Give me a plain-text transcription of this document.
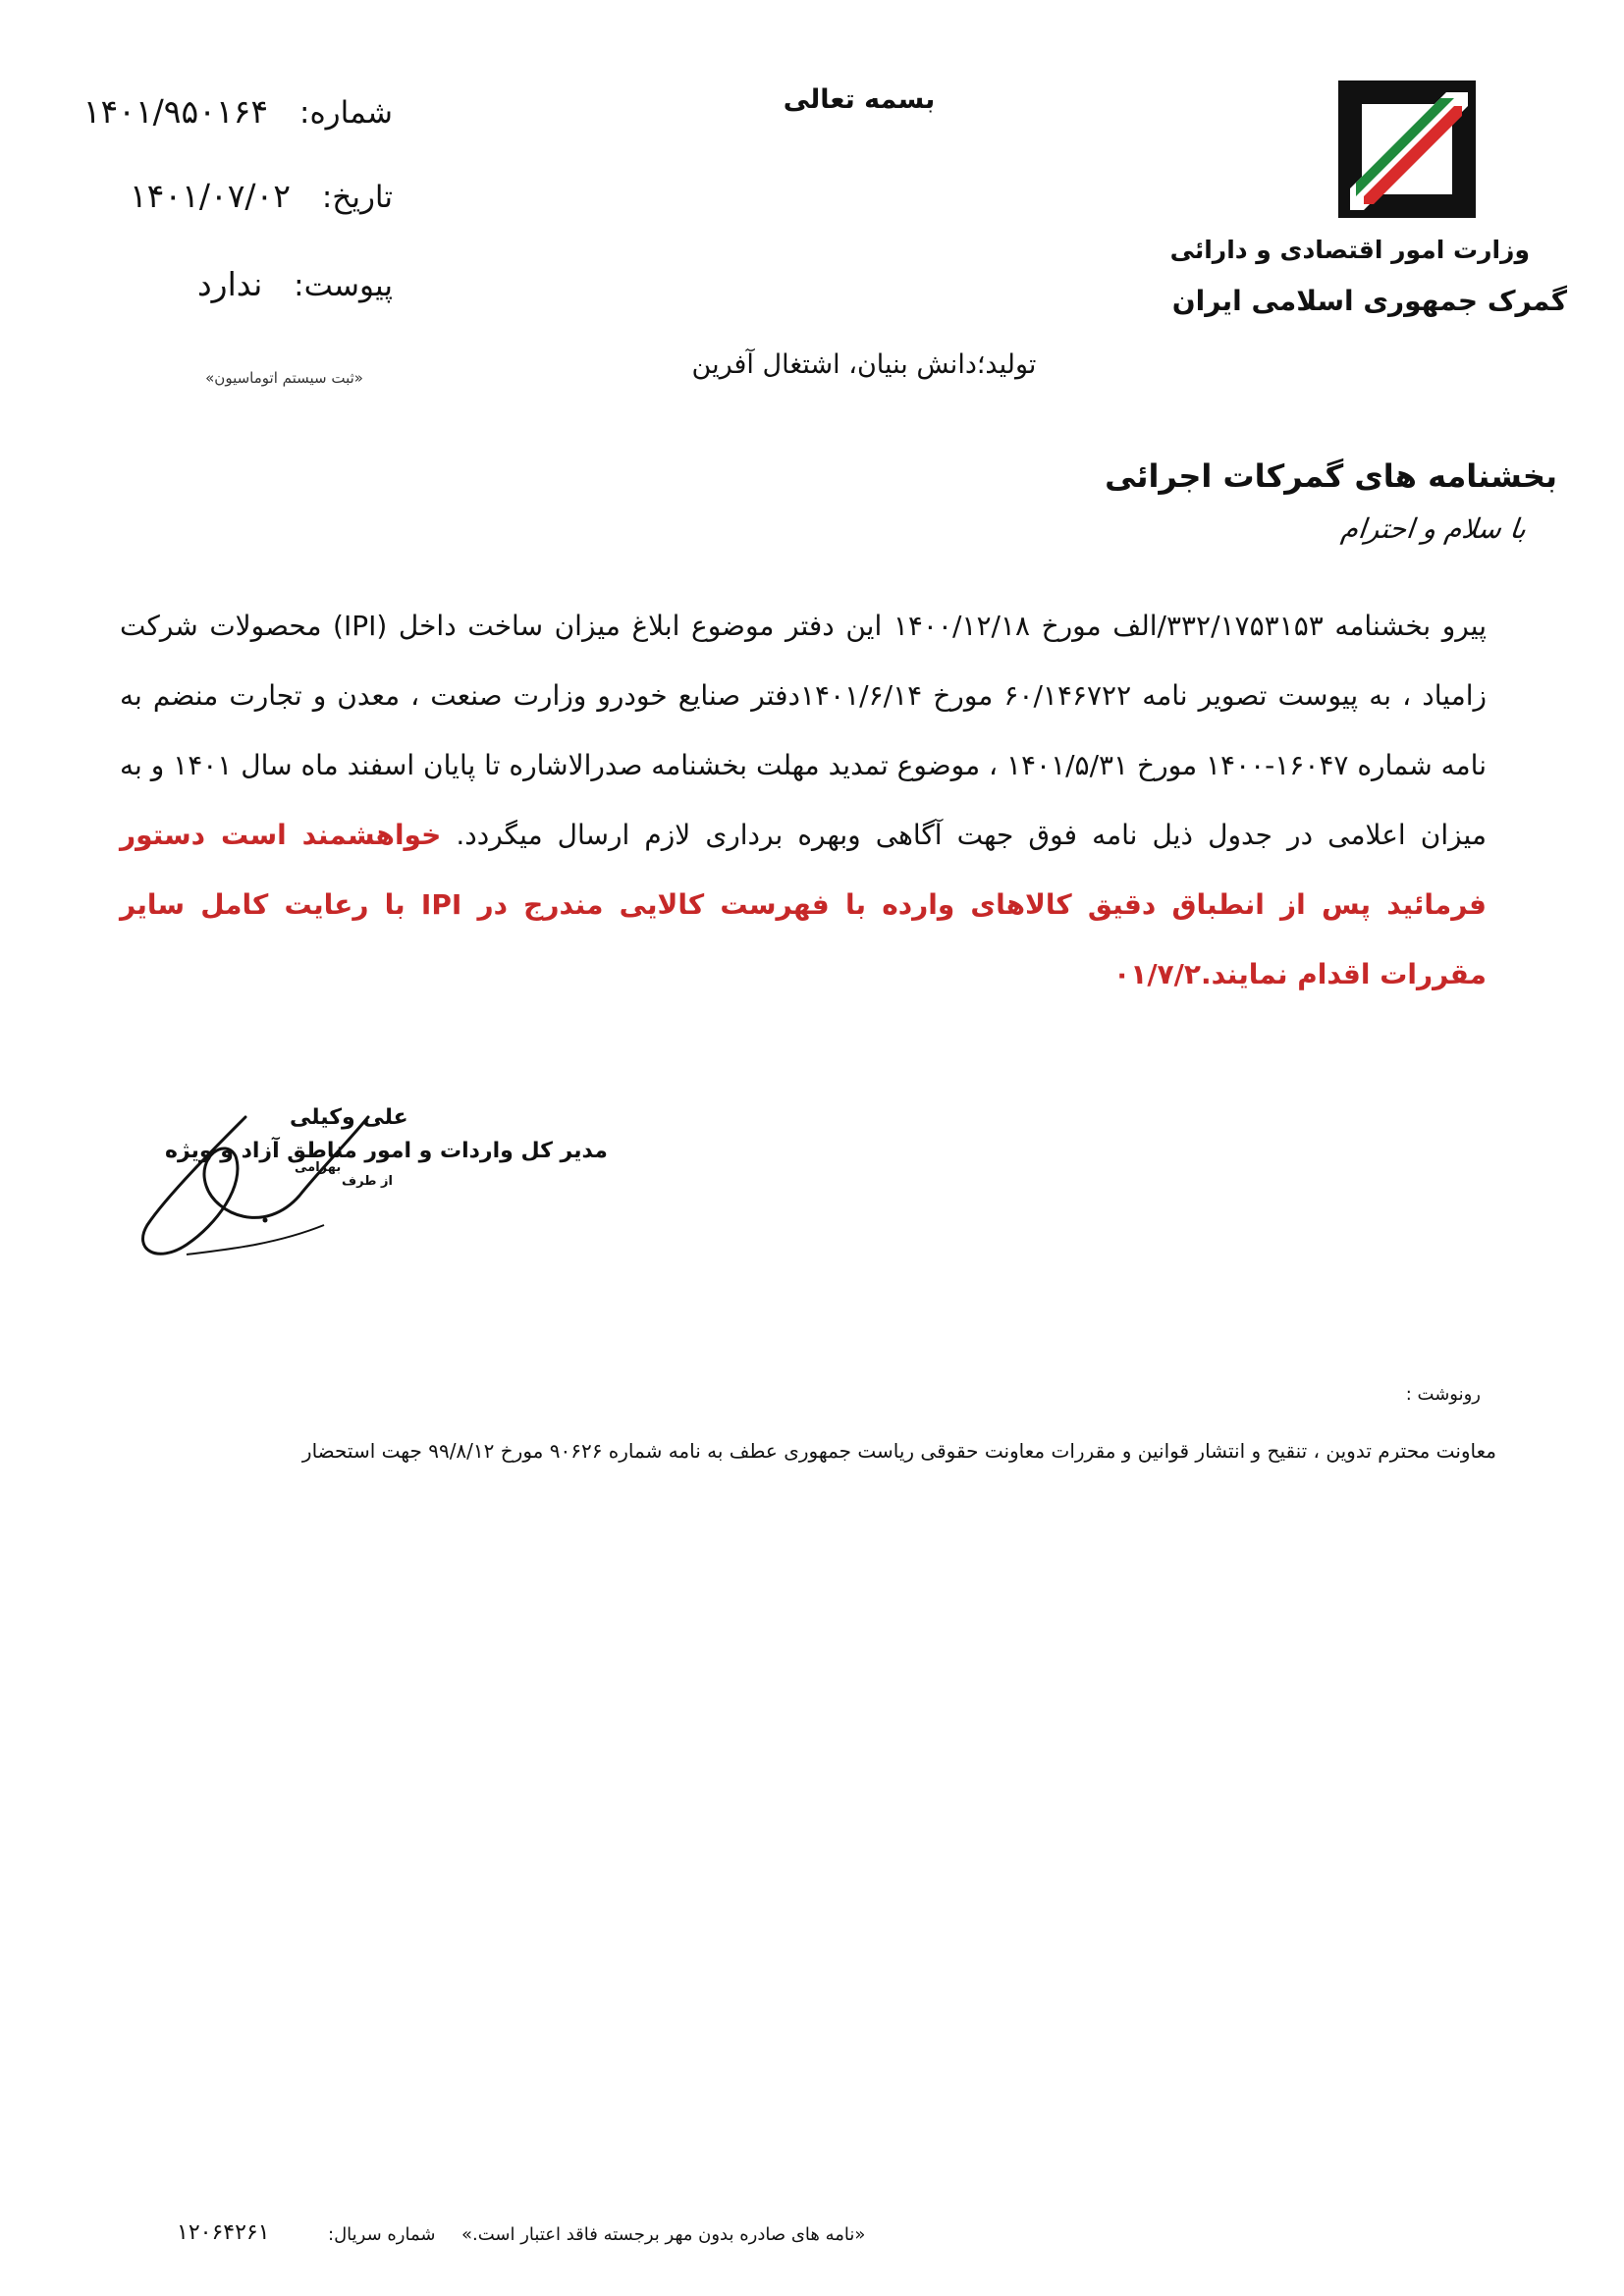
بسمه تعالی
وزارت امور اقتصادی و دارائی
گمرک جمهوری اسلامی ایران
شماره: ۱۴۰۱/۹۵۰۱۶۴
تاریخ: ۱۴۰۱/۰۷/۰۲
پیوست: ندارد
«ثبت سیستم اتوماسیون»	تولید؛دانش بنیان، اشتغال آفرین
بخشنامه های گمرکات اجرائی
با سلام و احترام
پیرو بخشنامه ۳۳۲/۱۷۵۳۱۵۳/الف مورخ ۱۴۰۰/۱۲/۱۸ این دفتر موضوع ابلاغ میزان ساخت داخل (IPI) محصولات شرکت زامیاد ، به پیوست تصویر نامه ۶۰/۱۴۶۷۲۲ مورخ ۱۴۰۱/۶/۱۴دفتر صنایع خودرو وزارت صنعت ، معدن و تجارت منضم به نامه شماره ۱۶۰۴۷-۱۴۰۰ مورخ ۱۴۰۱/۵/۳۱ ، موضوع تمدید مهلت بخشنامه صدرالاشاره تا پایان اسفند ماه سال ۱۴۰۱ و به میزان اعلامی در جدول ذیل نامه فوق جهت آگاهی وبهره برداری لازم ارسال میگردد. خواهشمند است دستور فرمائید پس از انطباق دقیق کالاهای وارده با فهرست کالایی مندرج در IPI با رعایت کامل سایر مقررات اقدام نمایند.۰۱/۷/۲
علی وکیلی
مدیر کل واردات و امور مناطق آزاد و ویژه
از طرف
بهرامی
رونوشت :
معاونت محترم تدوین ، تنقیح و انتشار قوانین و مقررات معاونت حقوقی ریاست جمهوری عطف به نامه شماره ۹۰۶۲۶ مورخ ۹۹/۸/۱۲ جهت استحضار
«نامه های صادره بدون مهر برجسته فاقد اعتبار است.»
شماره سریال:
۱۲۰۶۴۲۶۱
